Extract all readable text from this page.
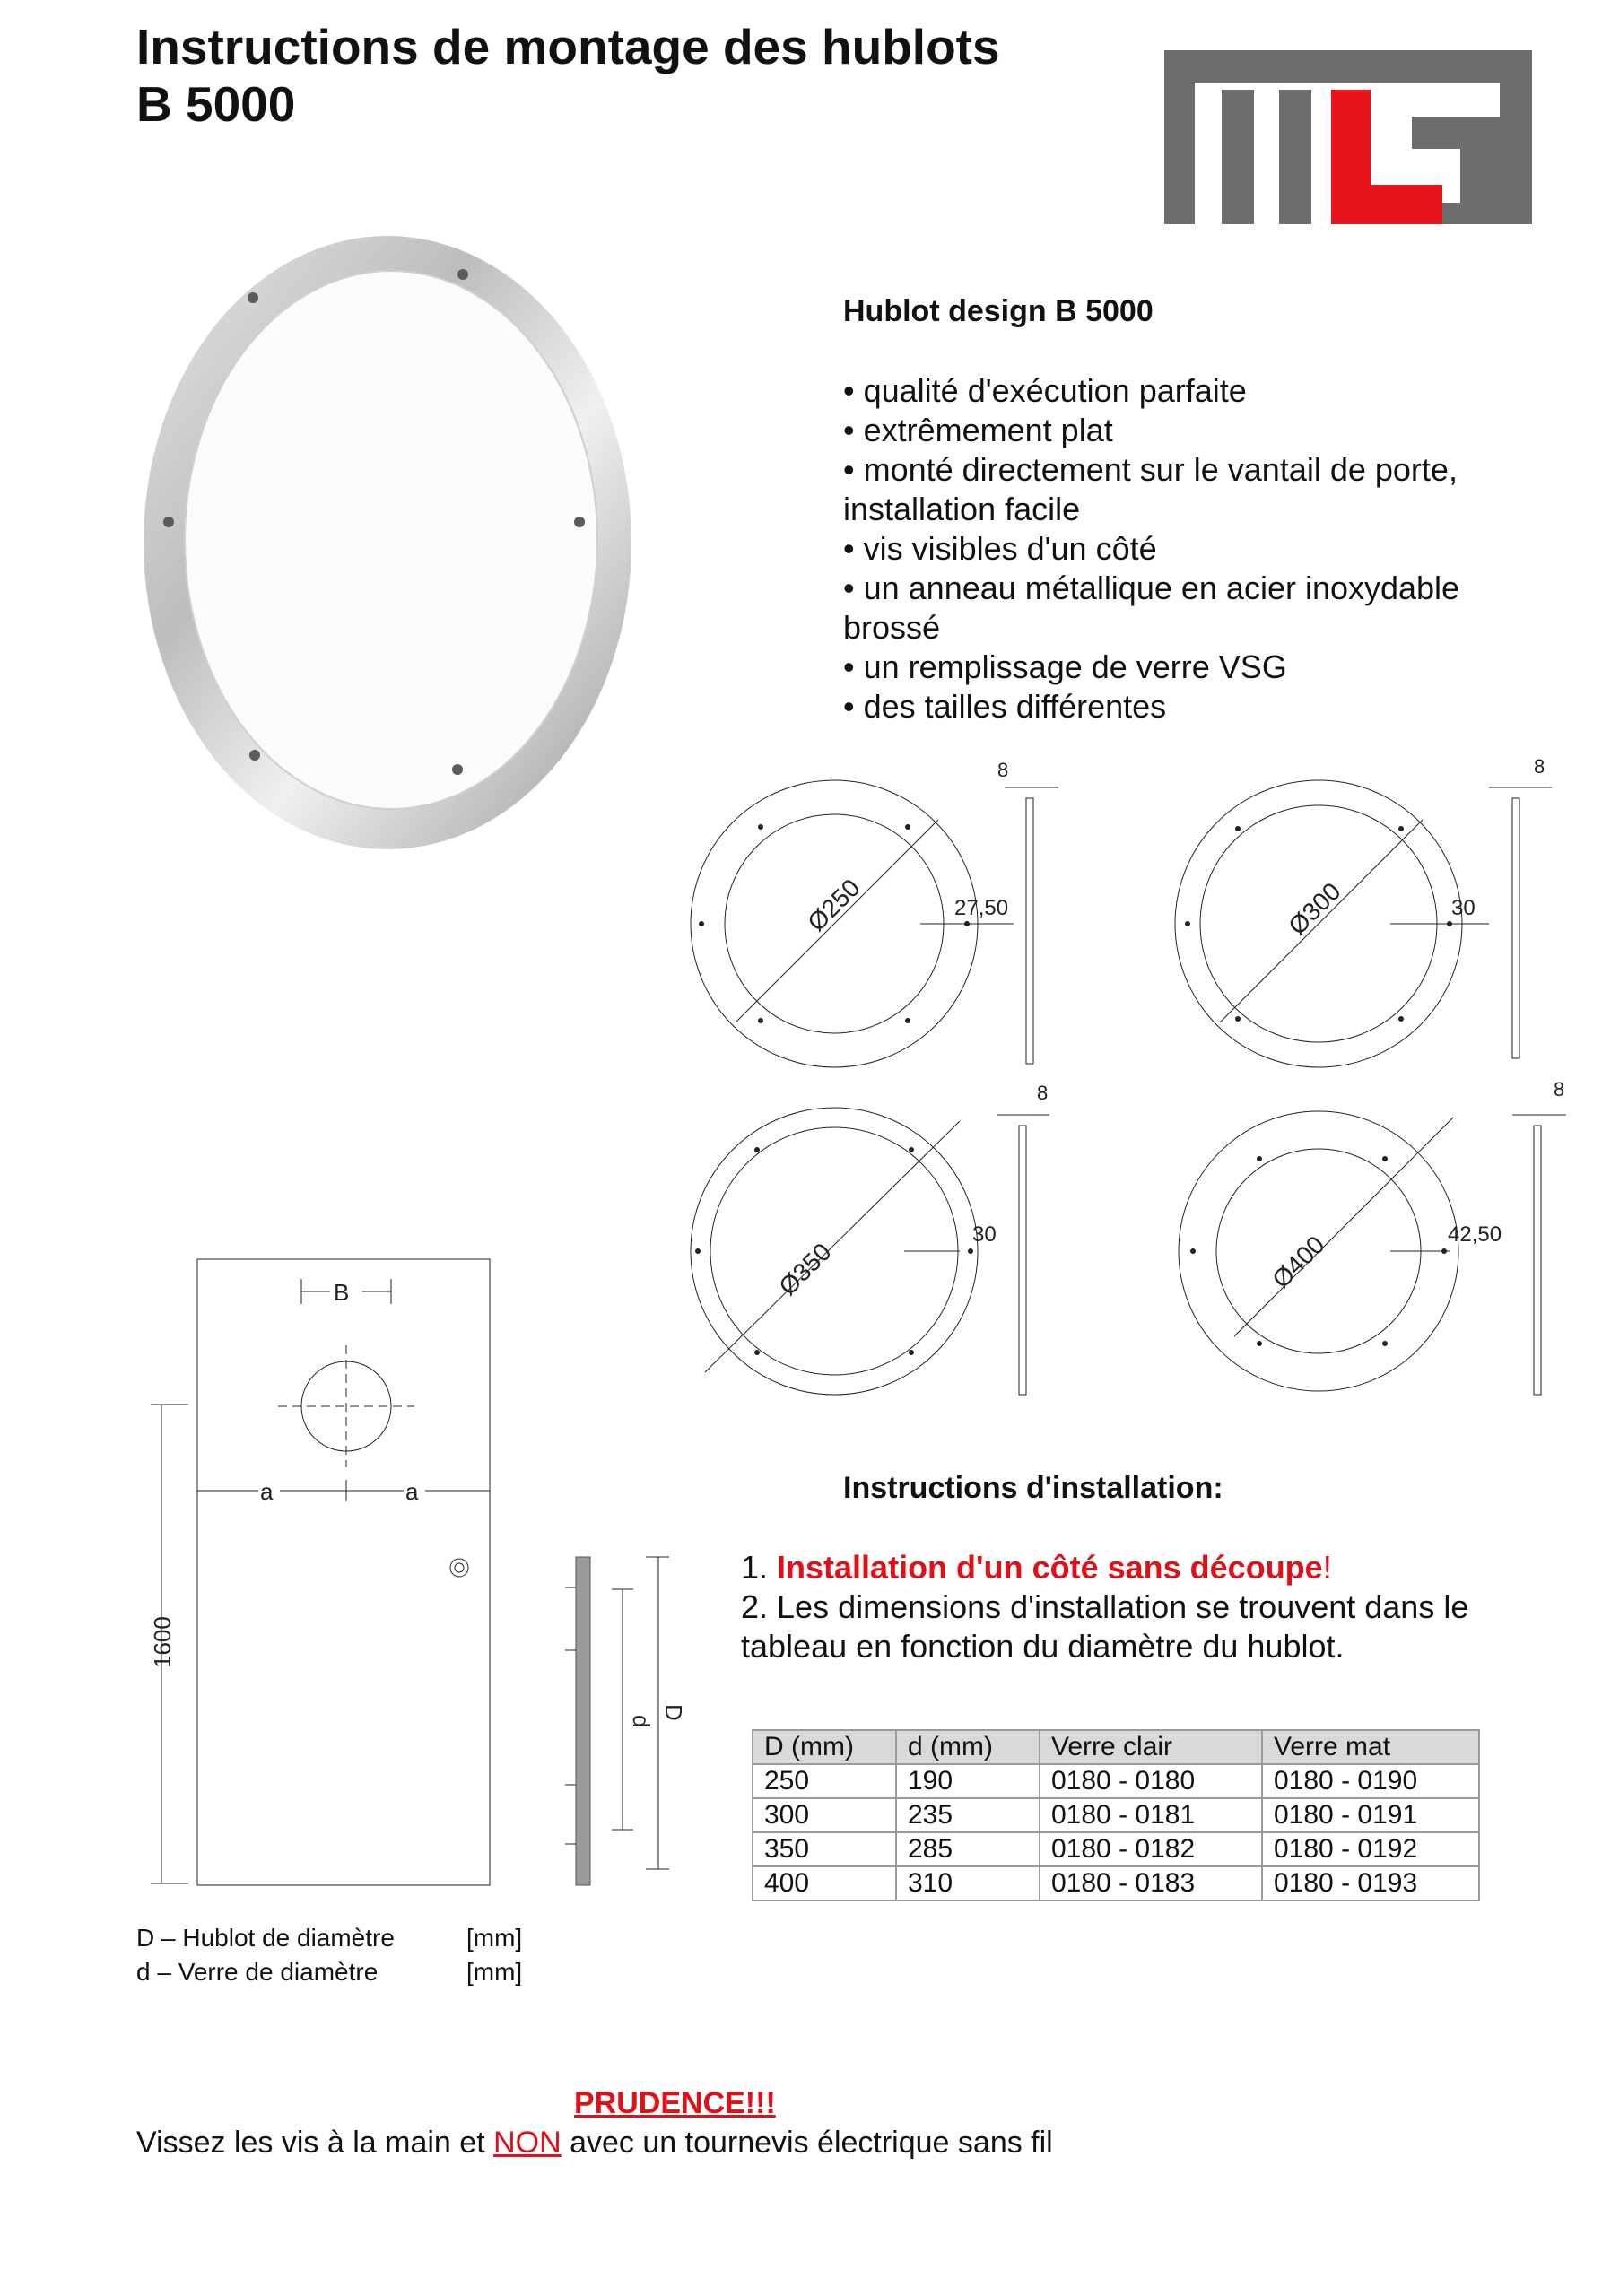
Instructions de montage des hublots
B 5000
Hublot design B 5000
• qualité d'exécution parfaite
• extrêmement plat
• monté directement sur le vantail de porte,
installation facile
• vis visibles d'un côté
• un anneau métallique en acier inoxydable
brossé
• un remplissage de verre VSG
• des tailles différentes
Ø250	27,50
8
Ø300	30
8
Ø350
30
8
Ø400	42,50
8
B
a	a
1600
d
D
D – Hublot de diamètre	[mm]
d – Verre de diamètre	[mm]
Instructions d'installation:
1. Installation d'un côté sans découpe!
2. Les dimensions d'installation se trouvent dans le
tableau en fonction du diamètre du hublot.
D (mm)	d (mm)	Verre clair	Verre mat
250	190	0180 - 0180	0180 - 0190
300	235	0180 - 0181	0180 - 0191
350	285	0180 - 0182	0180 - 0192
400	310	0180 - 0183	0180 - 0193
PRUDENCE!!!
Vissez les vis à la main et NON avec un tournevis électrique sans fil
